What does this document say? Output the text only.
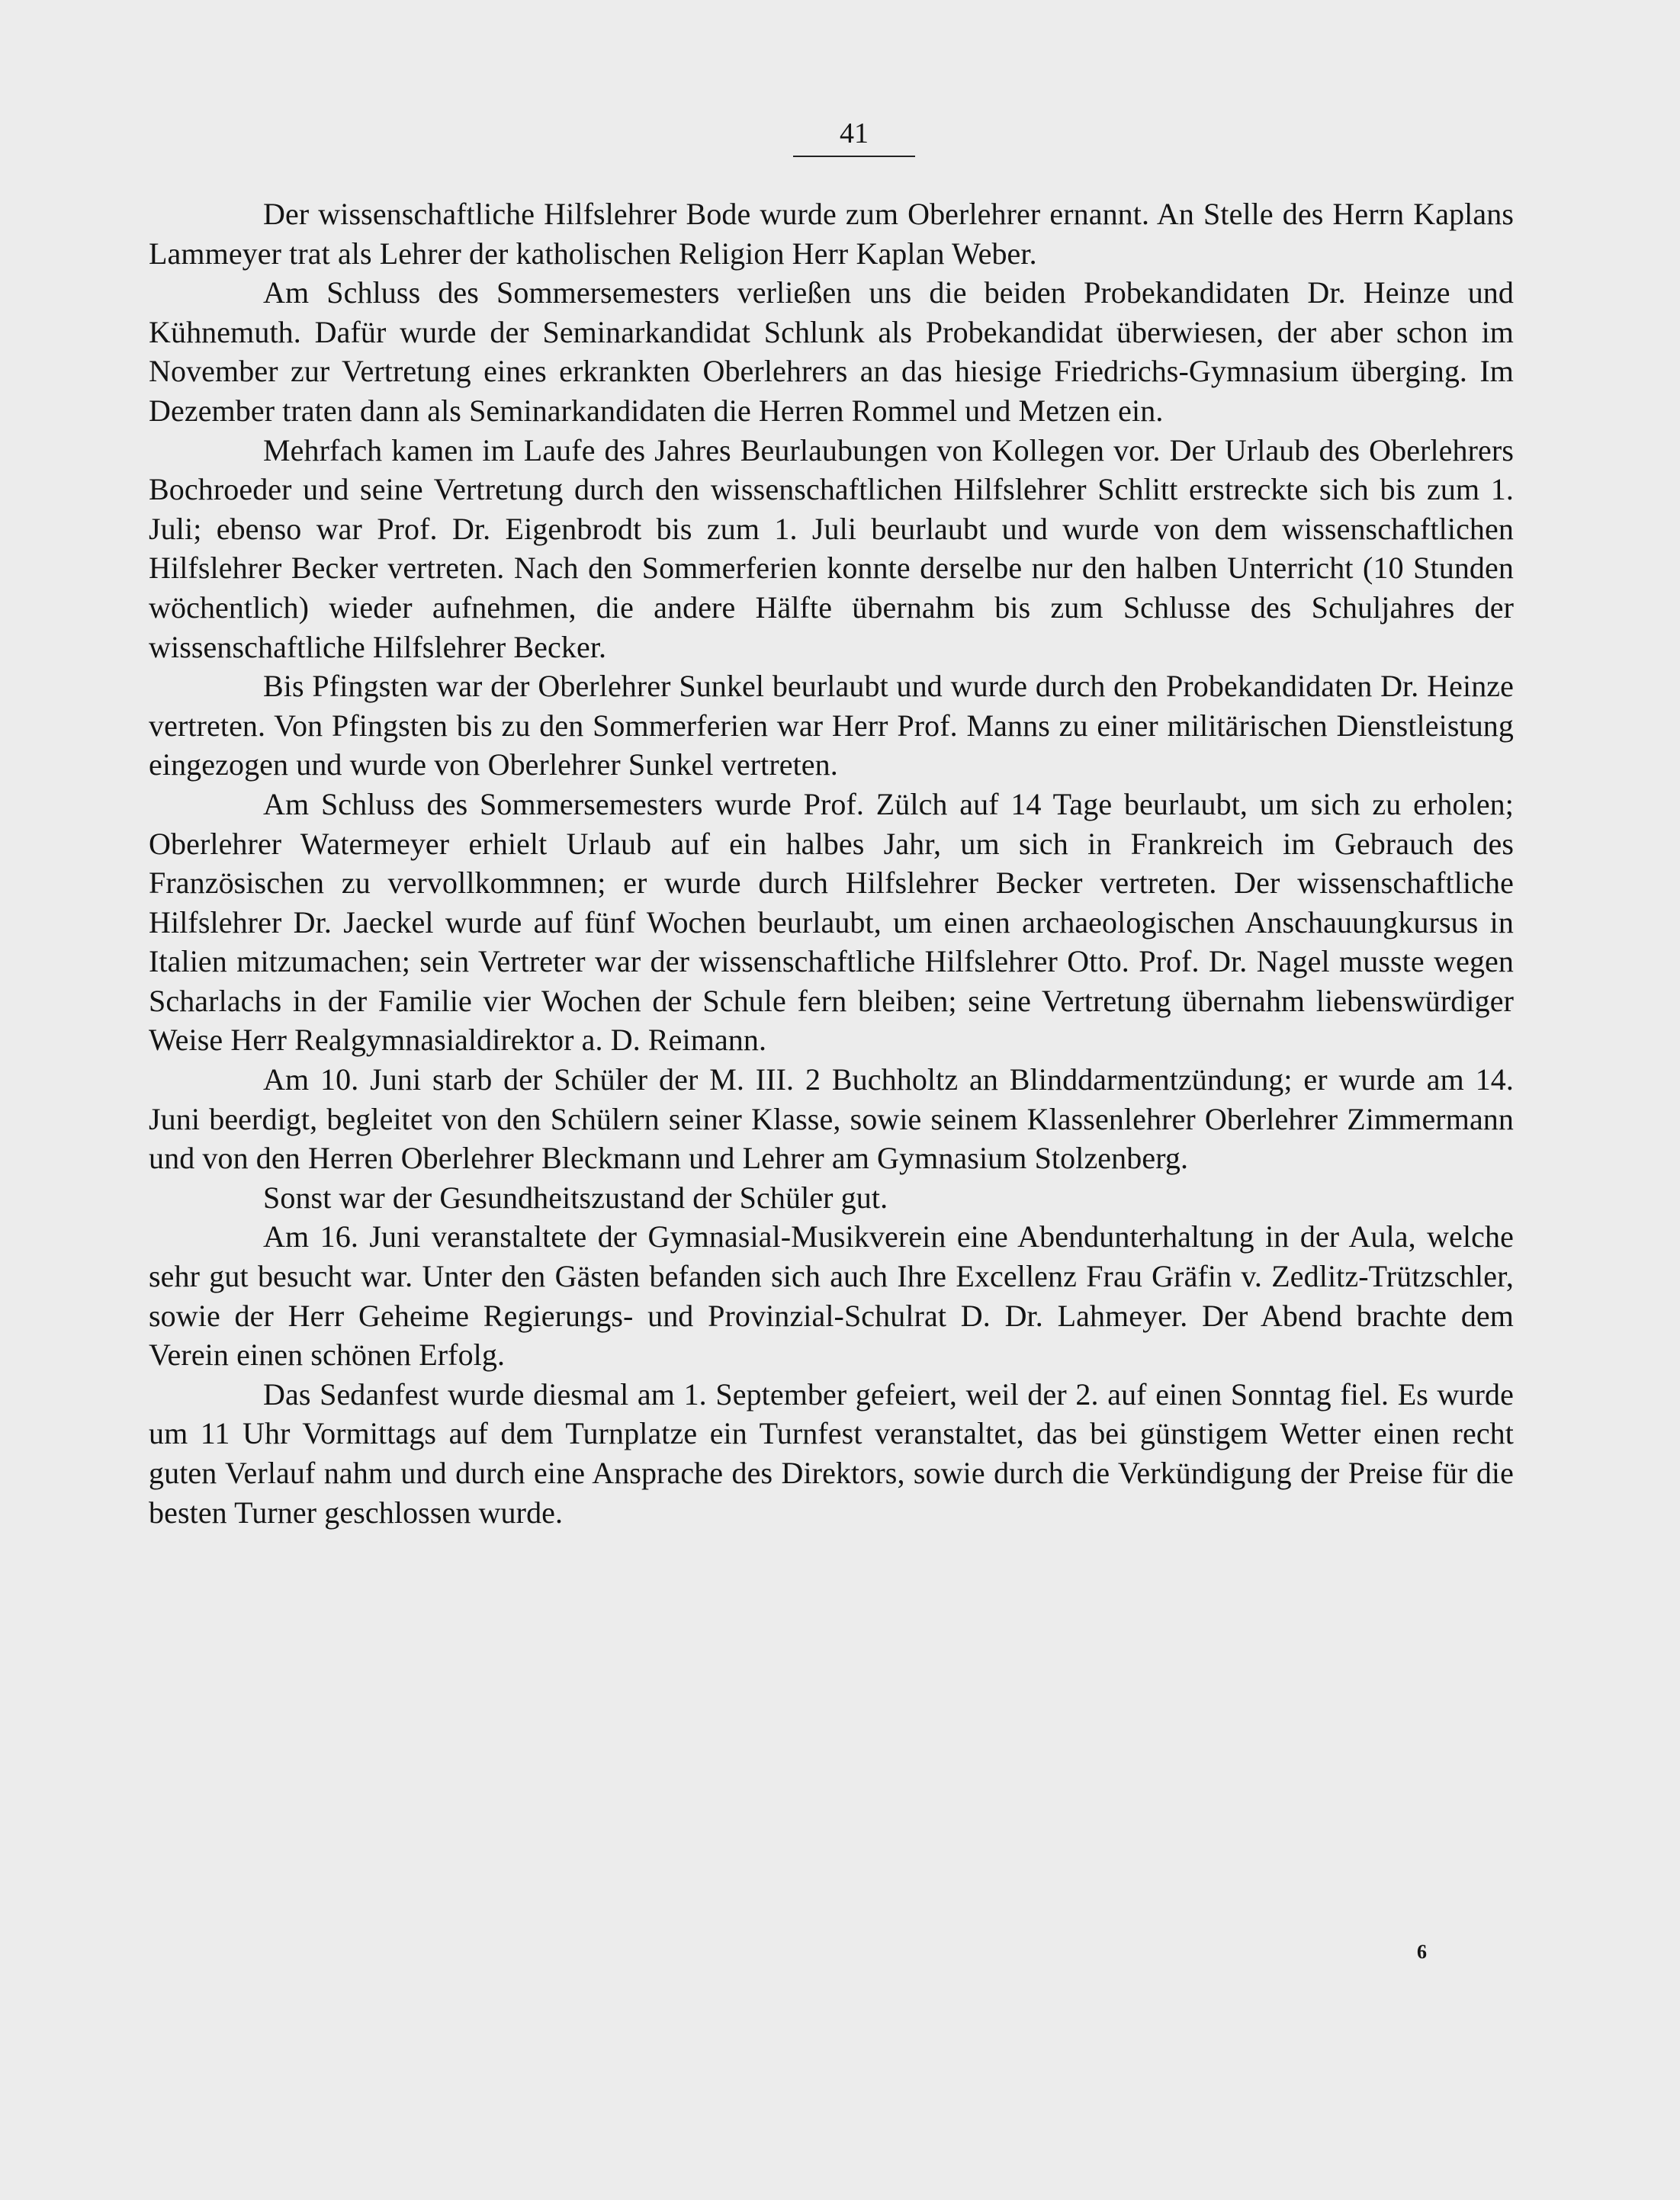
41

Der wissenschaftliche Hilfslehrer Bode wurde zum Oberlehrer ernannt. An Stelle des Herrn Kaplans Lammeyer trat als Lehrer der katholischen Religion Herr Kaplan Weber.

Am Schluss des Sommersemesters verließen uns die beiden Probekandidaten Dr. Heinze und Kühnemuth. Dafür wurde der Seminarkandidat Schlunk als Probekandidat überwiesen, der aber schon im November zur Vertretung eines erkrankten Oberlehrers an das hiesige Friedrichs-Gymnasium überging. Im Dezember traten dann als Seminarkandidaten die Herren Rommel und Metzen ein.

Mehrfach kamen im Laufe des Jahres Beurlaubungen von Kollegen vor. Der Urlaub des Oberlehrers Bochroeder und seine Vertretung durch den wissenschaftlichen Hilfslehrer Schlitt erstreckte sich bis zum 1. Juli; ebenso war Prof. Dr. Eigenbrodt bis zum 1. Juli beurlaubt und wurde von dem wissenschaftlichen Hilfslehrer Becker vertreten. Nach den Sommerferien konnte derselbe nur den halben Unterricht (10 Stunden wöchentlich) wieder aufnehmen, die andere Hälfte übernahm bis zum Schlusse des Schuljahres der wissenschaftliche Hilfslehrer Becker.

Bis Pfingsten war der Oberlehrer Sunkel beurlaubt und wurde durch den Probekandidaten Dr. Heinze vertreten. Von Pfingsten bis zu den Sommerferien war Herr Prof. Manns zu einer militärischen Dienstleistung eingezogen und wurde von Oberlehrer Sunkel vertreten.

Am Schluss des Sommersemesters wurde Prof. Zülch auf 14 Tage beurlaubt, um sich zu erholen; Oberlehrer Watermeyer erhielt Urlaub auf ein halbes Jahr, um sich in Frankreich im Gebrauch des Französischen zu vervollkommnen; er wurde durch Hilfslehrer Becker vertreten. Der wissenschaftliche Hilfslehrer Dr. Jaeckel wurde auf fünf Wochen beurlaubt, um einen archaeologischen Anschauungkursus in Italien mitzumachen; sein Vertreter war der wissenschaftliche Hilfslehrer Otto. Prof. Dr. Nagel musste wegen Scharlachs in der Familie vier Wochen der Schule fern bleiben; seine Vertretung übernahm liebenswürdiger Weise Herr Realgymnasialdirektor a. D. Reimann.

Am 10. Juni starb der Schüler der M. III. 2 Buchholtz an Blinddarmentzündung; er wurde am 14. Juni beerdigt, begleitet von den Schülern seiner Klasse, sowie seinem Klassenlehrer Oberlehrer Zimmermann und von den Herren Oberlehrer Bleckmann und Lehrer am Gymnasium Stolzenberg.

Sonst war der Gesundheitszustand der Schüler gut.

Am 16. Juni veranstaltete der Gymnasial-Musikverein eine Abendunterhaltung in der Aula, welche sehr gut besucht war. Unter den Gästen befanden sich auch Ihre Excellenz Frau Gräfin v. Zedlitz-Trützschler, sowie der Herr Geheime Regierungs- und Provinzial-Schulrat D. Dr. Lahmeyer. Der Abend brachte dem Verein einen schönen Erfolg.

Das Sedanfest wurde diesmal am 1. September gefeiert, weil der 2. auf einen Sonntag fiel. Es wurde um 11 Uhr Vormittags auf dem Turnplatze ein Turnfest veranstaltet, das bei günstigem Wetter einen recht guten Verlauf nahm und durch eine Ansprache des Direktors, sowie durch die Verkündigung der Preise für die besten Turner geschlossen wurde.

6
